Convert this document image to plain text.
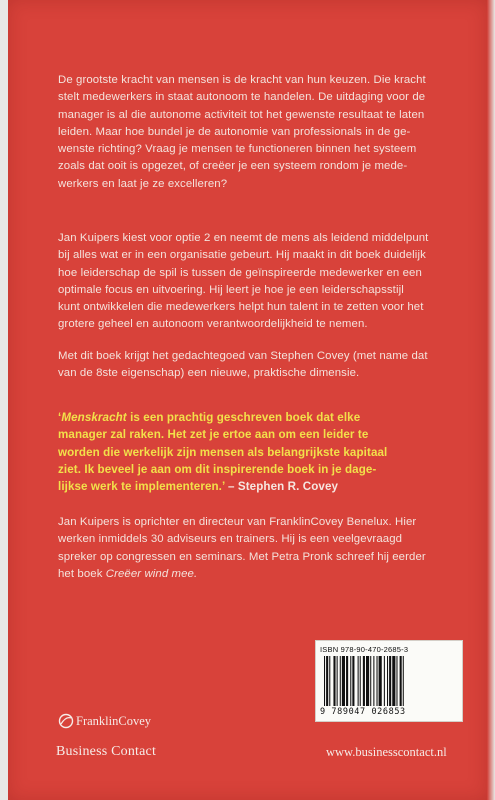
De grootste kracht van mensen is de kracht van hun keuzen. Die kracht
stelt medewerkers in staat autonoom te handelen. De uitdaging voor de
manager is al die autonome activiteit tot het gewenste resultaat te laten
leiden. Maar hoe bundel je de autonomie van professionals in de ge-
wenste richting? Vraag je mensen te functioneren binnen het systeem
zoals dat ooit is opgezet, of creëer je een systeem rondom je mede-
werkers en laat je ze excelleren?
Jan Kuipers kiest voor optie 2 en neemt de mens als leidend middelpunt
bij alles wat er in een organisatie gebeurt. Hij maakt in dit boek duidelijk
hoe leiderschap de spil is tussen de geïnspireerde medewerker en een
optimale focus en uitvoering. Hij leert je hoe je een leiderschapsstijl
kunt ontwikkelen die medewerkers helpt hun talent in te zetten voor het
grotere geheel en autonoom verantwoordelijkheid te nemen.
Met dit boek krijgt het gedachtegoed van Stephen Covey (met name dat
van de 8ste eigenschap) een nieuwe, praktische dimensie.
‘Menskracht is een prachtig geschreven boek dat elke
manager zal raken. Het zet je ertoe aan om een leider te
worden die werkelijk zijn mensen als belangrijkste kapitaal
ziet. Ik beveel je aan om dit inspirerende boek in je dage-
lijkse werk te implementeren.’ – Stephen R. Covey
Jan Kuipers is oprichter en directeur van FranklinCovey Benelux. Hier
werken inmiddels 30 adviseurs en trainers. Hij is een veelgevraagd
spreker op congressen en seminars. Met Petra Pronk schreef hij eerder
het boek Creëer wind mee.
ISBN 978-90-470-2685-3
9 789047 026853
FranklinCovey
Business Contact	www.businesscontact.nl
